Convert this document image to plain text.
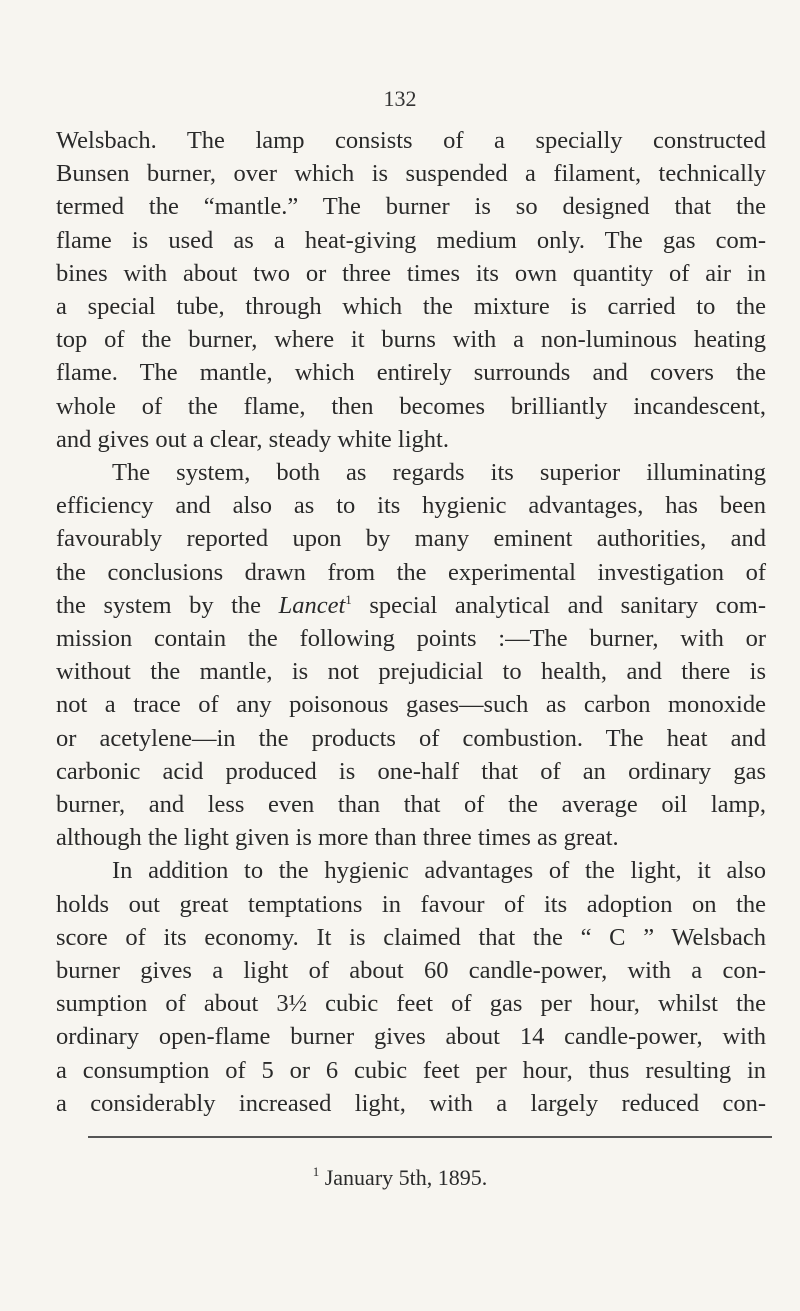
132
Welsbach. The lamp consists of a specially constructed
Bunsen burner, over which is suspended a filament, technically
termed the “mantle.” The burner is so designed that the
flame is used as a heat-giving medium only. The gas com-
bines with about two or three times its own quantity of air in
a special tube, through which the mixture is carried to the
top of the burner, where it burns with a non-luminous heating
flame. The mantle, which entirely surrounds and covers the
whole of the flame, then becomes brilliantly incandescent,
and gives out a clear, steady white light.
The system, both as regards its superior illuminating
efficiency and also as to its hygienic advantages, has been
favourably reported upon by many eminent authorities, and
the conclusions drawn from the experimental investigation of
the system by the Lancet$^1$ special analytical and sanitary com-
mission contain the following points :—The burner, with or
without the mantle, is not prejudicial to health, and there is
not a trace of any poisonous gases—such as carbon monoxide
or acetylene—in the products of combustion. The heat and
carbonic acid produced is one-half that of an ordinary gas
burner, and less even than that of the average oil lamp,
although the light given is more than three times as great.
In addition to the hygienic advantages of the light, it also
holds out great temptations in favour of its adoption on the
score of its economy. It is claimed that the “ C ” Welsbach
burner gives a light of about 60 candle-power, with a con-
sumption of about 3½ cubic feet of gas per hour, whilst the
ordinary open-flame burner gives about 14 candle-power, with
a consumption of 5 or 6 cubic feet per hour, thus resulting in
a considerably increased light, with a largely reduced con-
$^1$ January 5th, 1895.
